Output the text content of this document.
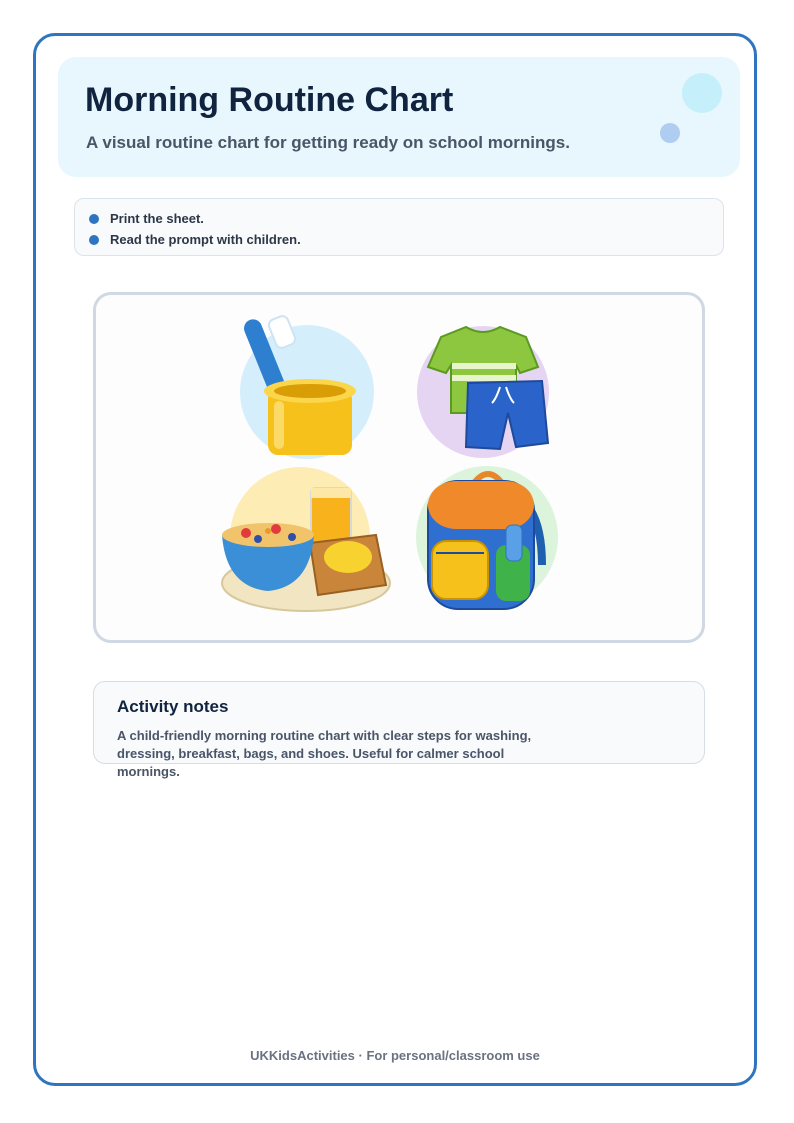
Morning Routine Chart

A visual routine chart for getting ready on school mornings.

Print the sheet.
Read the prompt with children.
Activity notes

A child-friendly morning routine chart with clear steps for washing, dressing, breakfast, bags, and shoes. Useful for calmer school mornings.

UKKidsActivities · For personal/classroom use
